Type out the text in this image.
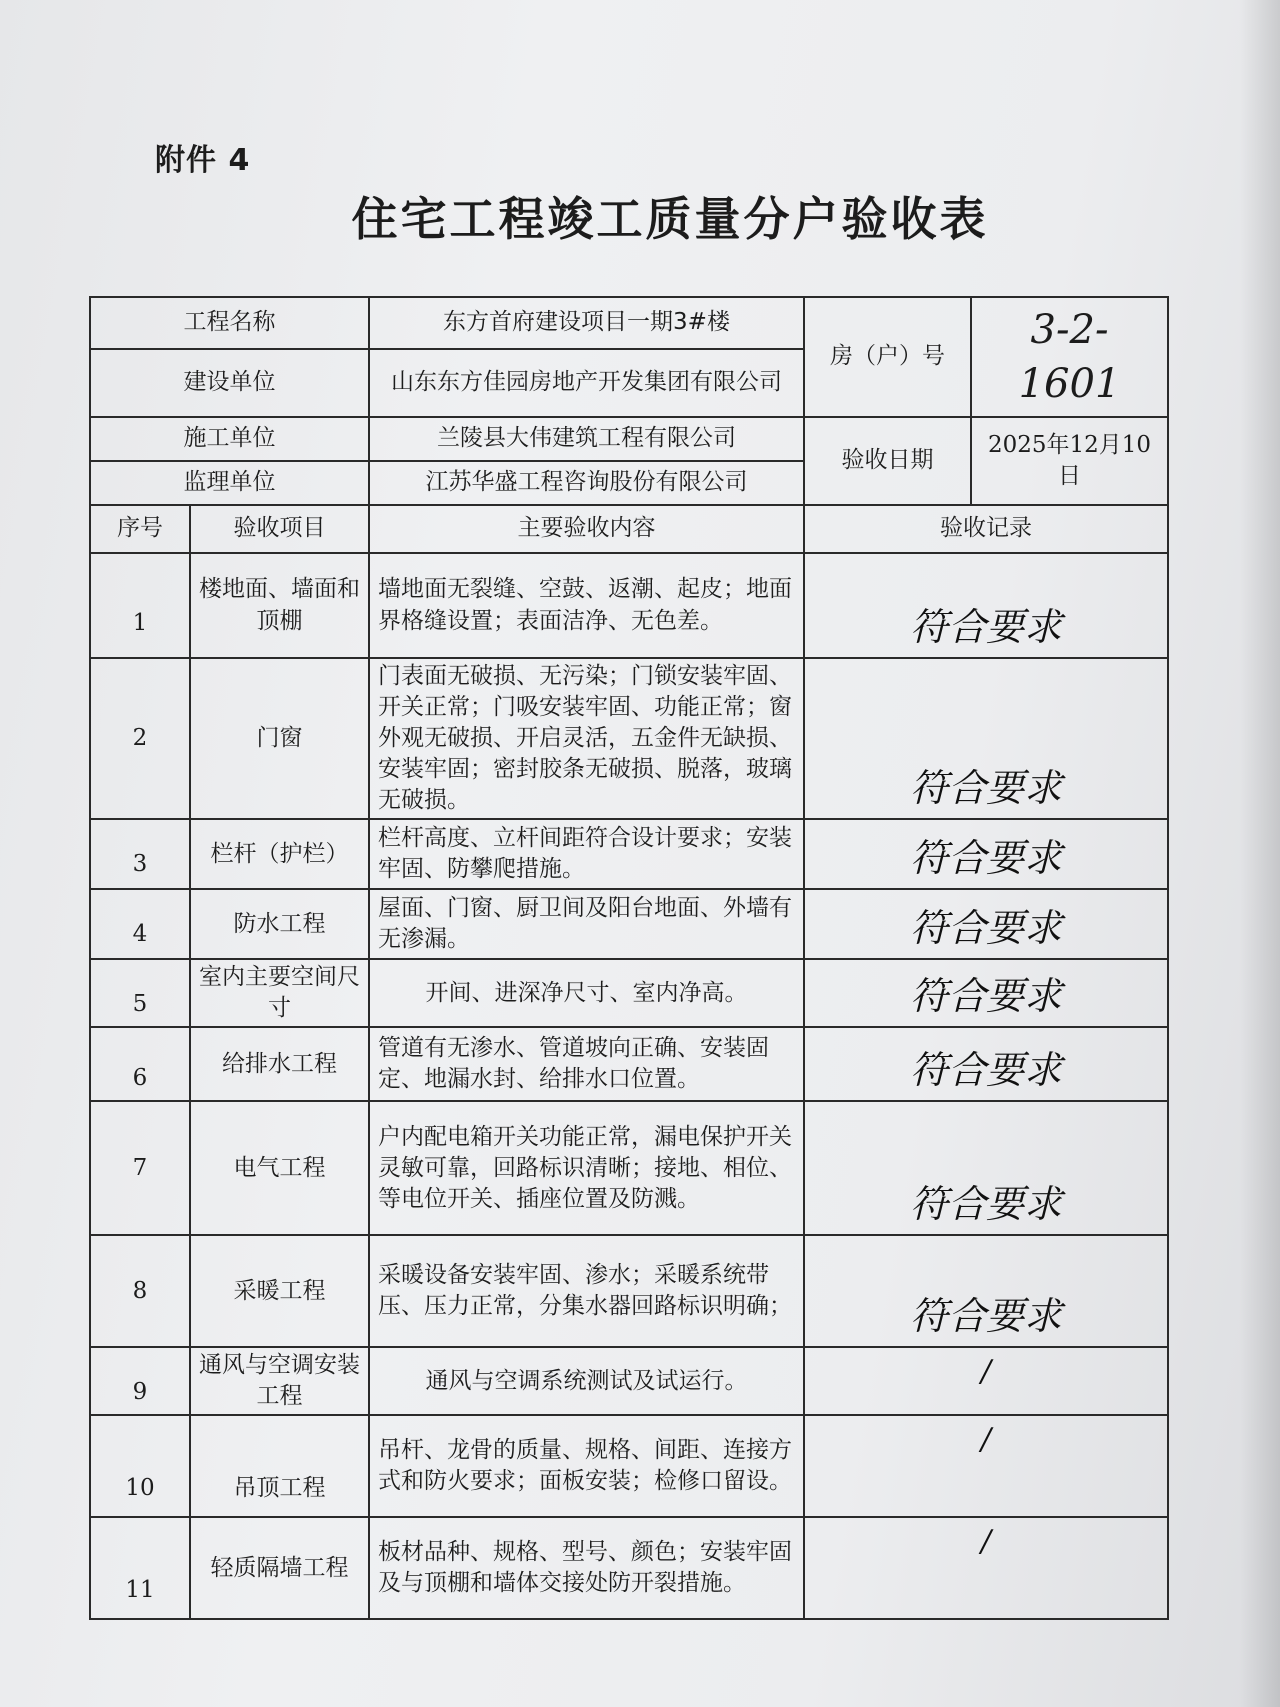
附件 4
住宅工程竣工质量分户验收表
工程名称		东方首府建设项目一期3#楼	房（户）号	3-2-1601
建设单位		山东东方佳园房地产开发集团有限公司		
施工单位		兰陵县大伟建筑工程有限公司	验收日期	2025年12月10日
监理单位		江苏华盛工程咨询股份有限公司		
序号	验收项目	主要验收内容	验收记录	
1	楼地面、墙面和顶棚	墙地面无裂缝、空鼓、返潮、起皮；地面界格缝设置；表面洁净、无色差。	符合要求	
2	门窗	门表面无破损、无污染；门锁安装牢固、开关正常；门吸安装牢固、功能正常；窗外观无破损、开启灵活，五金件无缺损、 安装牢固；密封胶条无破损、脱落，玻璃无破损。	符合要求	
3	栏杆（护栏）	栏杆高度、立杆间距符合设计要求；安装牢固、防攀爬措施。	符合要求	
4	防水工程	屋面、门窗、厨卫间及阳台地面、外墙有无渗漏。	符合要求	
5	室内主要空间尺寸	开间、进深净尺寸、室内净高。	符合要求	
6	给排水工程	管道有无渗水、管道坡向正确、安装固定、地漏水封、给排水口位置。	符合要求	
7	电气工程	户内配电箱开关功能正常，漏电保护开关灵敏可靠，回路标识清晰；接地、相位、等电位开关、插座位置及防溅。	符合要求	
8	采暖工程	采暖设备安装牢固、渗水；采暖系统带压、压力正常，分集水器回路标识明确；	符合要求	
9	通风与空调安装工程	通风与空调系统测试及试运行。	/	
10	吊顶工程	吊杆、龙骨的质量、规格、间距、连接方式和防火要求；面板安装；检修口留设。	/	
11	轻质隔墙工程	板材品种、规格、型号、颜色；安装牢固及与顶棚和墙体交接处防开裂措施。	/	
